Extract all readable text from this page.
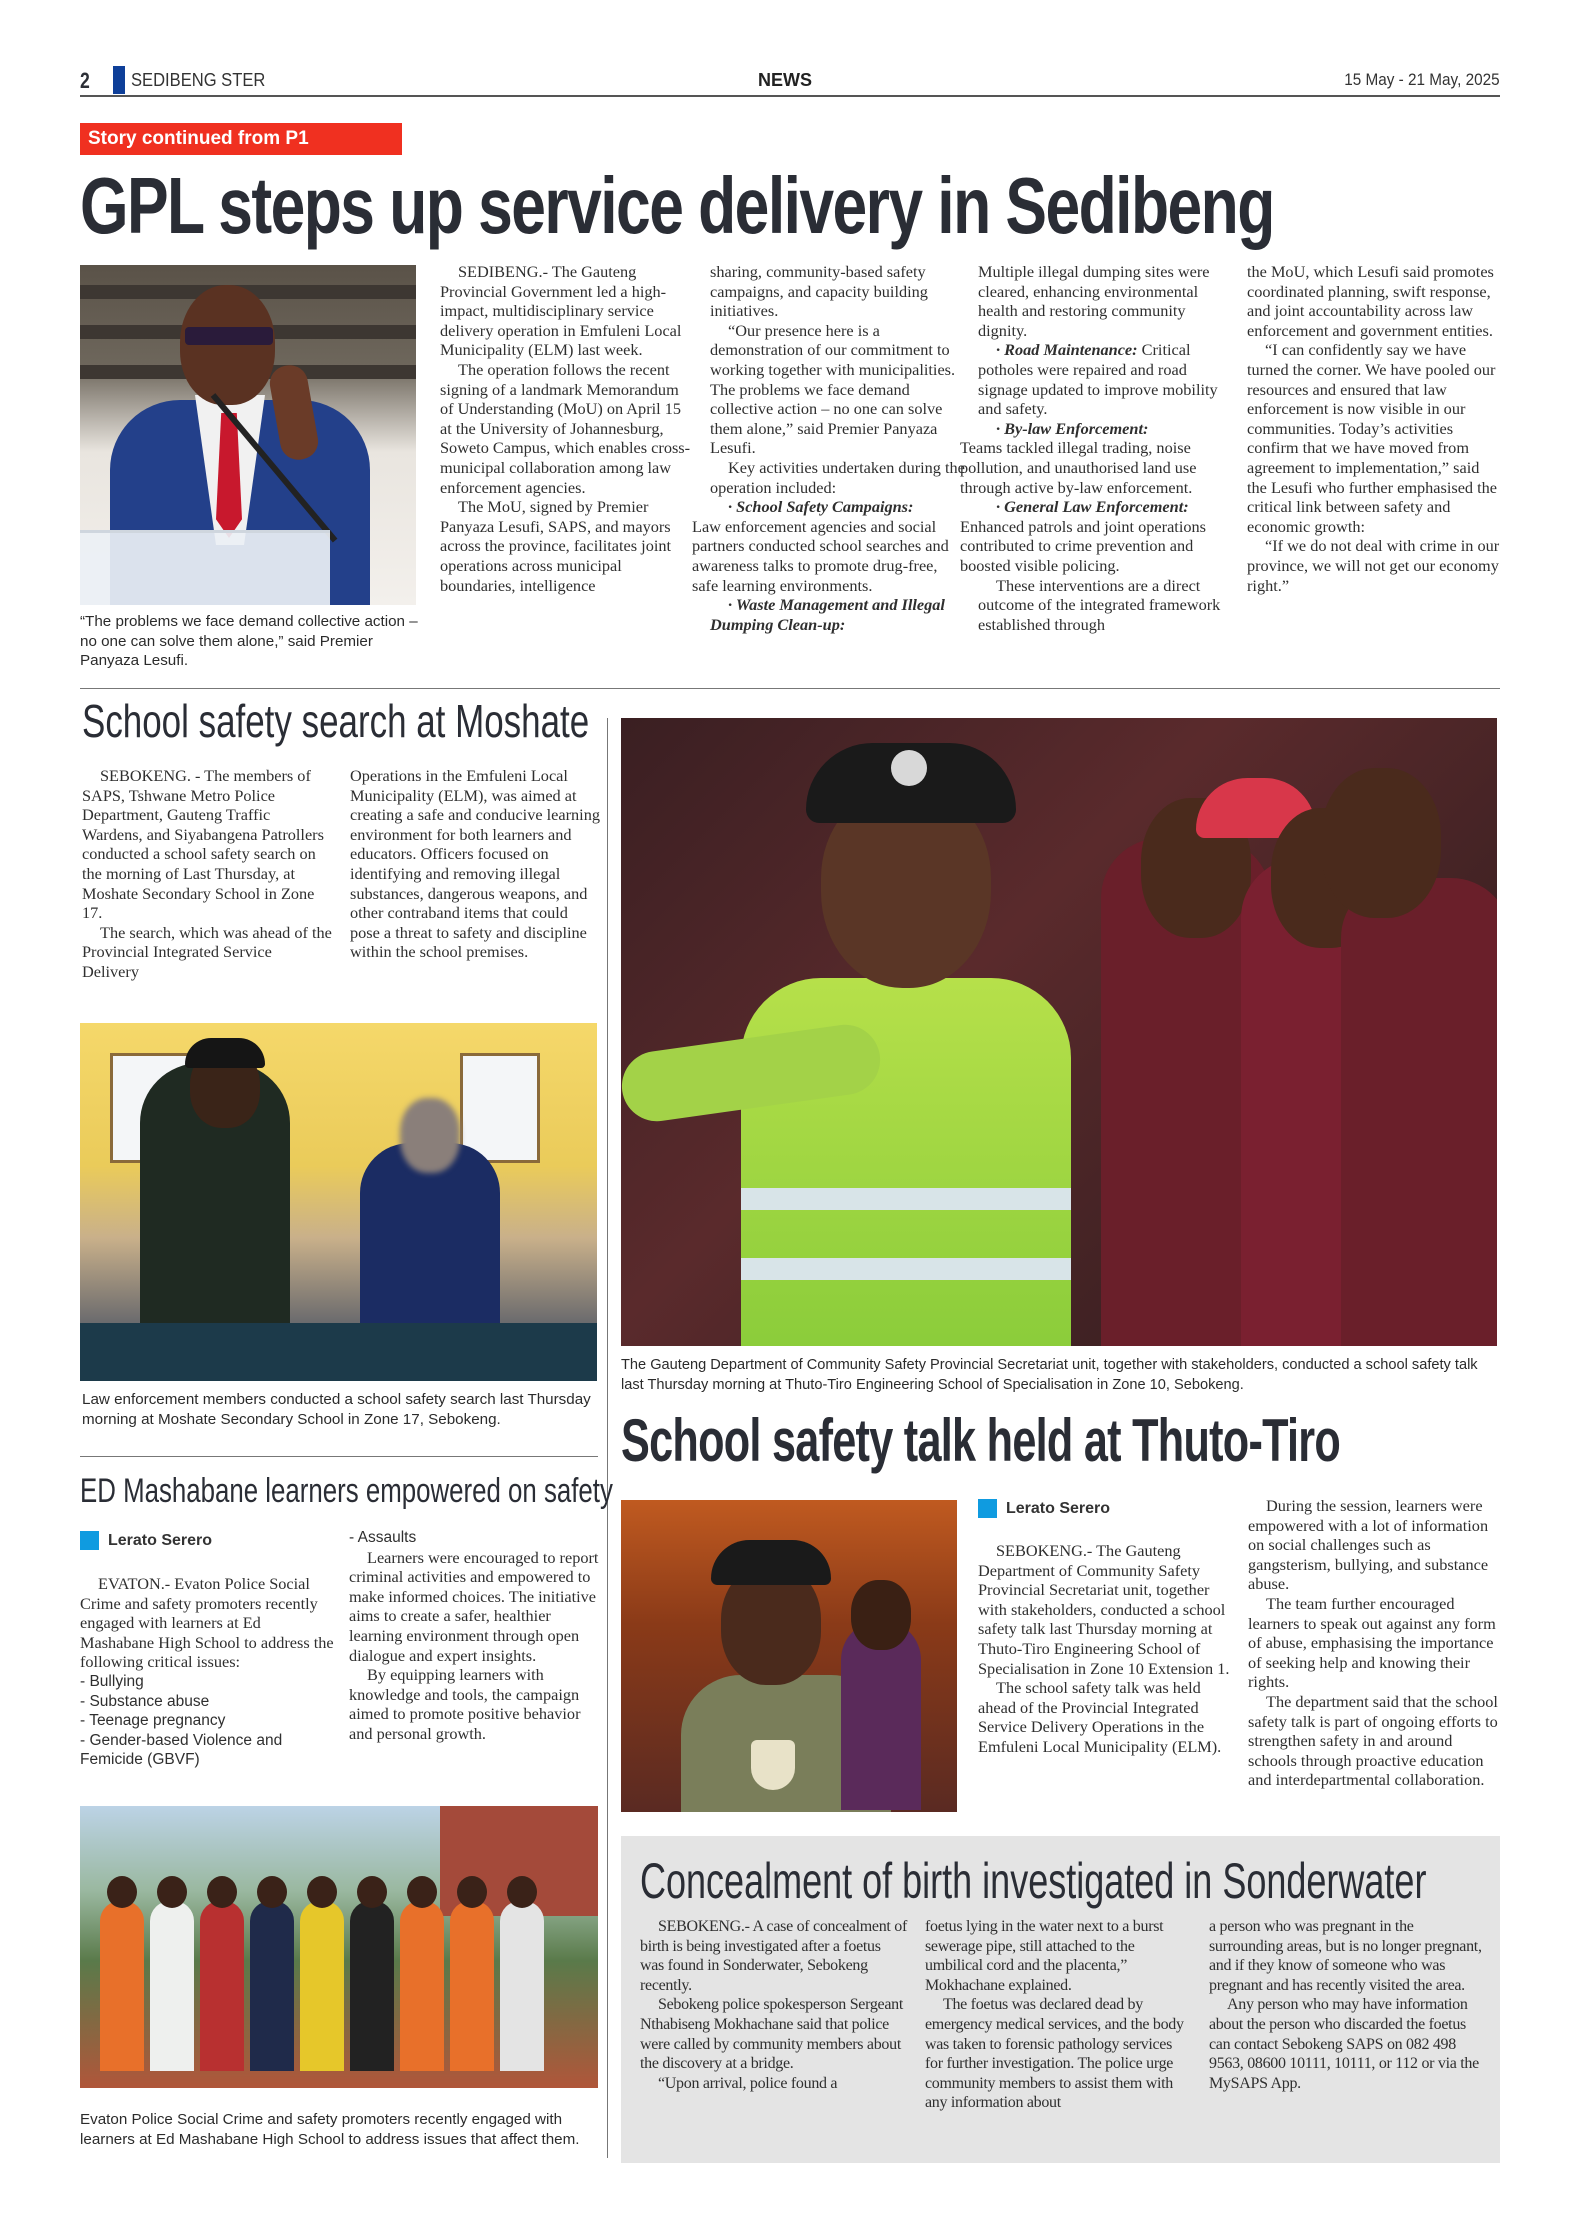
2 SEDIBENG STER	NEWS	15 May - 21 May, 2025
Story continued from P1
GPL steps up service delivery in Sedibeng
“The problems we face demand collective action – no one can solve them alone,” said Premier Panyaza Lesufi.

SEDIBENG.- The Gauteng Provincial Government led a high-impact, multidisciplinary service delivery operation in Emfuleni Local Municipality (ELM) last week.

The operation follows the recent signing of a landmark Memorandum of Understanding (MoU) on April 15 at the University of Johannesburg, Soweto Campus, which enables cross-municipal collaboration among law enforcement agencies.

The MoU, signed by Premier Panyaza Lesufi, SAPS, and mayors across the province, facilitates joint operations across municipal boundaries, intelligence

sharing, community-based safety campaigns, and capacity building initiatives.

“Our presence here is a demonstration of our commitment to working together with municipalities. The problems we face demand collective action – no one can solve them alone,” said Premier Panyaza Lesufi.

Key activities undertaken during the operation included:

· School Safety Campaigns:
Law enforcement agencies and social partners conducted school searches and awareness talks to promote drug-free, safe learning environments.

· Waste Management and Illegal Dumping Clean-up:

Multiple illegal dumping sites were cleared, enhancing environmental health and restoring community dignity.

· Road Maintenance: Critical potholes were repaired and road signage updated to improve mobility and safety.

· By-law Enforcement:
Teams tackled illegal trading, noise pollution, and unauthorised land use through active by-law enforcement.

· General Law Enforcement:
Enhanced patrols and joint operations contributed to crime prevention and boosted visible policing.

These interventions are a direct outcome of the integrated framework established through

the MoU, which Lesufi said promotes coordinated planning, swift response, and joint accountability across law enforcement and government entities.

“I can confidently say we have turned the corner. We have pooled our resources and ensured that law enforcement is now visible in our communities. Today’s activities confirm that we have moved from agreement to implementation,” said the Lesufi who further emphasised the critical link between safety and economic growth:

“If we do not deal with crime in our province, we will not get our economy right.”

School safety search at Moshate

SEBOKENG. - The members of SAPS, Tshwane Metro Police Department, Gauteng Traffic Wardens, and Siyabangena Patrollers conducted a school safety search on the morning of Last Thursday, at Moshate Secondary School in Zone 17.

The search, which was ahead of the Provincial Integrated Service Delivery

Operations in the Emfuleni Local Municipality (ELM), was aimed at creating a safe and conducive learning environment for both learners and educators. Officers focused on identifying and removing illegal substances, dangerous weapons, and other contraband items that could pose a threat to safety and discipline within the school premises.

Law enforcement members conducted a school safety search last Thursday morning at Moshate Secondary School in Zone 17, Sebokeng.
ED Mashabane learners empowered on safety
Lerato Serero

EVATON.- Evaton Police Social Crime and safety promoters recently engaged with learners at Ed Mashabane High School to address the following critical issues:

- Bullying

- Substance abuse

- Teenage pregnancy

- Gender-based Violence and Femicide (GBVF)

- Assaults

Learners were encouraged to report criminal activities and empowered to make informed choices. The initiative aims to create a safer, healthier learning environment through open dialogue and expert insights.

By equipping learners with knowledge and tools, the campaign aimed to promote positive behavior and personal growth.

Evaton Police Social Crime and safety promoters recently engaged with learners at Ed Mashabane High School to address issues that affect them.
The Gauteng Department of Community Safety Provincial Secretariat unit, together with stakeholders, conducted a school safety talk last Thursday morning at Thuto-Tiro Engineering School of Specialisation in Zone 10, Sebokeng.
School safety talk held at Thuto-Tiro
Lerato Serero

SEBOKENG.- The Gauteng Department of Community Safety Provincial Secretariat unit, together with stakeholders, conducted a school safety talk last Thursday morning at Thuto-Tiro Engineering School of Specialisation in Zone 10 Extension 1.

The school safety talk was held ahead of the Provincial Integrated Service Delivery Operations in the Emfuleni Local Municipality (ELM).

During the session, learners were empowered with a lot of information on social challenges such as gangsterism, bullying, and substance abuse.

The team further encouraged learners to speak out against any form of abuse, emphasising the importance of seeking help and knowing their rights.

The department said that the school safety talk is part of ongoing efforts to strengthen safety in and around schools through proactive education and interdepartmental collaboration.

Concealment of birth investigated in Sonderwater

SEBOKENG.- A case of concealment of birth is being investigated after a foetus was found in Sonderwater, Sebokeng recently.

Sebokeng police spokesperson Sergeant Nthabiseng Mokhachane said that police were called by community members about the discovery at a bridge.

“Upon arrival, police found a

foetus lying in the water next to a burst sewerage pipe, still attached to the umbilical cord and the placenta,” Mokhachane explained.

The foetus was declared dead by emergency medical services, and the body was taken to forensic pathology services for further investigation. The police urge community members to assist them with any information about

a person who was pregnant in the surrounding areas, but is no longer pregnant, and if they know of someone who was pregnant and has recently visited the area.

Any person who may have information about the person who discarded the foetus can contact Sebokeng SAPS on 082 498 9563, 08600 10111, 10111, or 112 or via the MySAPS App.
